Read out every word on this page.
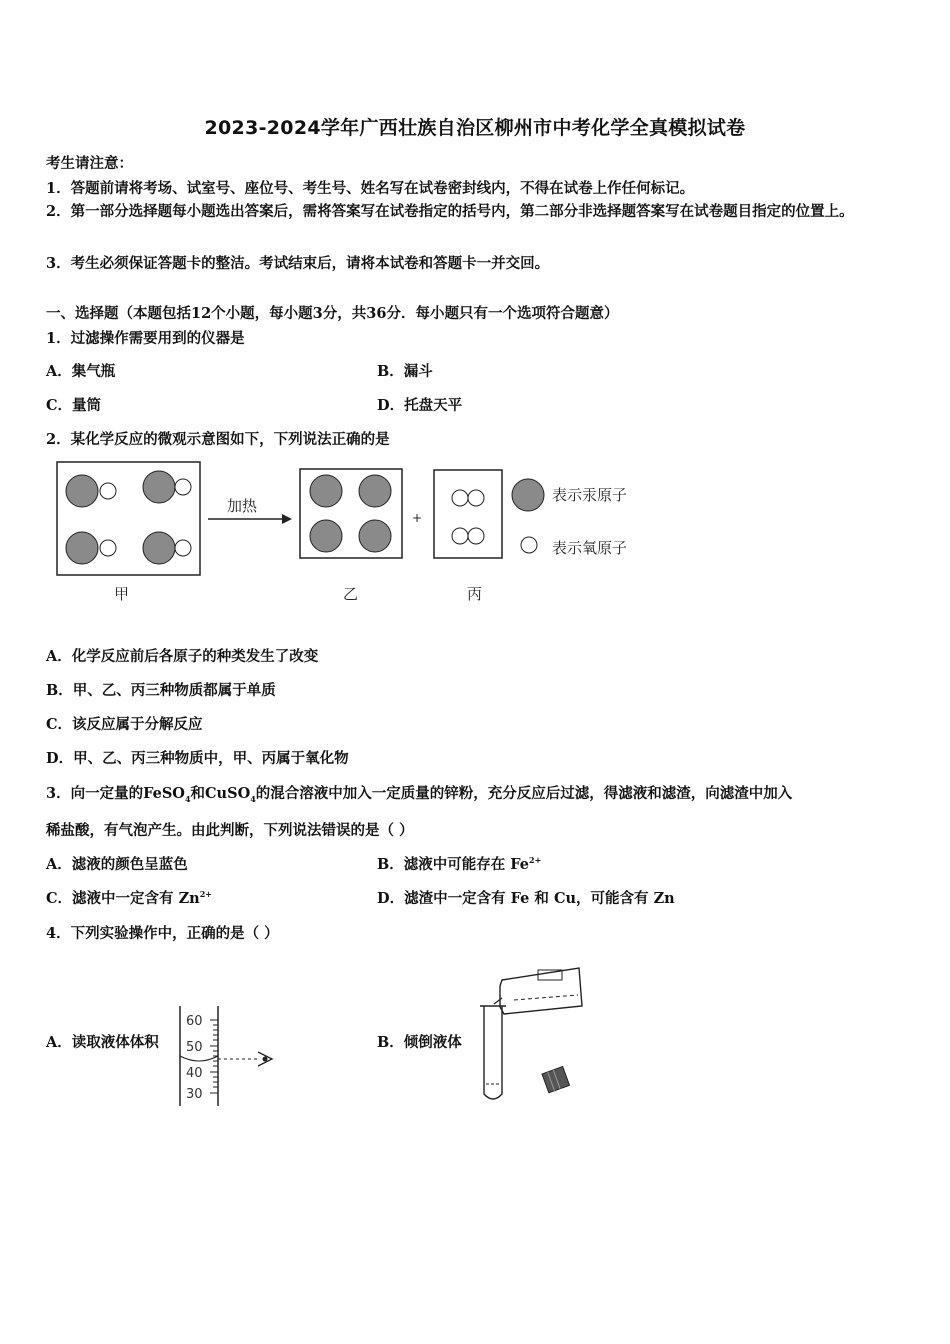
2023-2024学年广西壮族自治区柳州市中考化学全真模拟试卷
考生请注意：
1．答题前请将考场、试室号、座位号、考生号、姓名写在试卷密封线内，不得在试卷上作任何标记。
2．第一部分选择题每小题选出答案后，需将答案写在试卷指定的括号内，第二部分非选择题答案写在试卷题目指定的位置上。
3．考生必须保证答题卡的整洁。考试结束后，请将本试卷和答题卡一并交回。
一、选择题（本题包括12个小题，每小题3分，共36分．每小题只有一个选项符合题意）
1．过滤操作需要用到的仪器是
A．集气瓶	B．漏斗
C．量筒	D．托盘天平
2．某化学反应的微观示意图如下，下列说法正确的是
加热
+
表示汞原子
表示氧原子
甲	乙	丙
A．化学反应前后各原子的种类发生了改变
B．甲、乙、丙三种物质都属于单质
C．该反应属于分解反应
D．甲、乙、丙三种物质中，甲、丙属于氧化物
3．向一定量的FeSO$_4$和CuSO$_4$的混合溶液中加入一定质量的锌粉，充分反应后过滤，得滤液和滤渣，向滤渣中加入
稀盐酸，有气泡产生。由此判断，下列说法错误的是（ ）
A．滤液的颜色呈蓝色	B．滤液中可能存在 $Fe^{2+}$
C．滤液中一定含有 $Zn^{2+}$	D．滤渣中一定含有 Fe 和 Cu，可能含有 Zn
4．下列实验操作中，正确的是（ ）
A．读取液体体积	B．倾倒液体
60
50
40
30
